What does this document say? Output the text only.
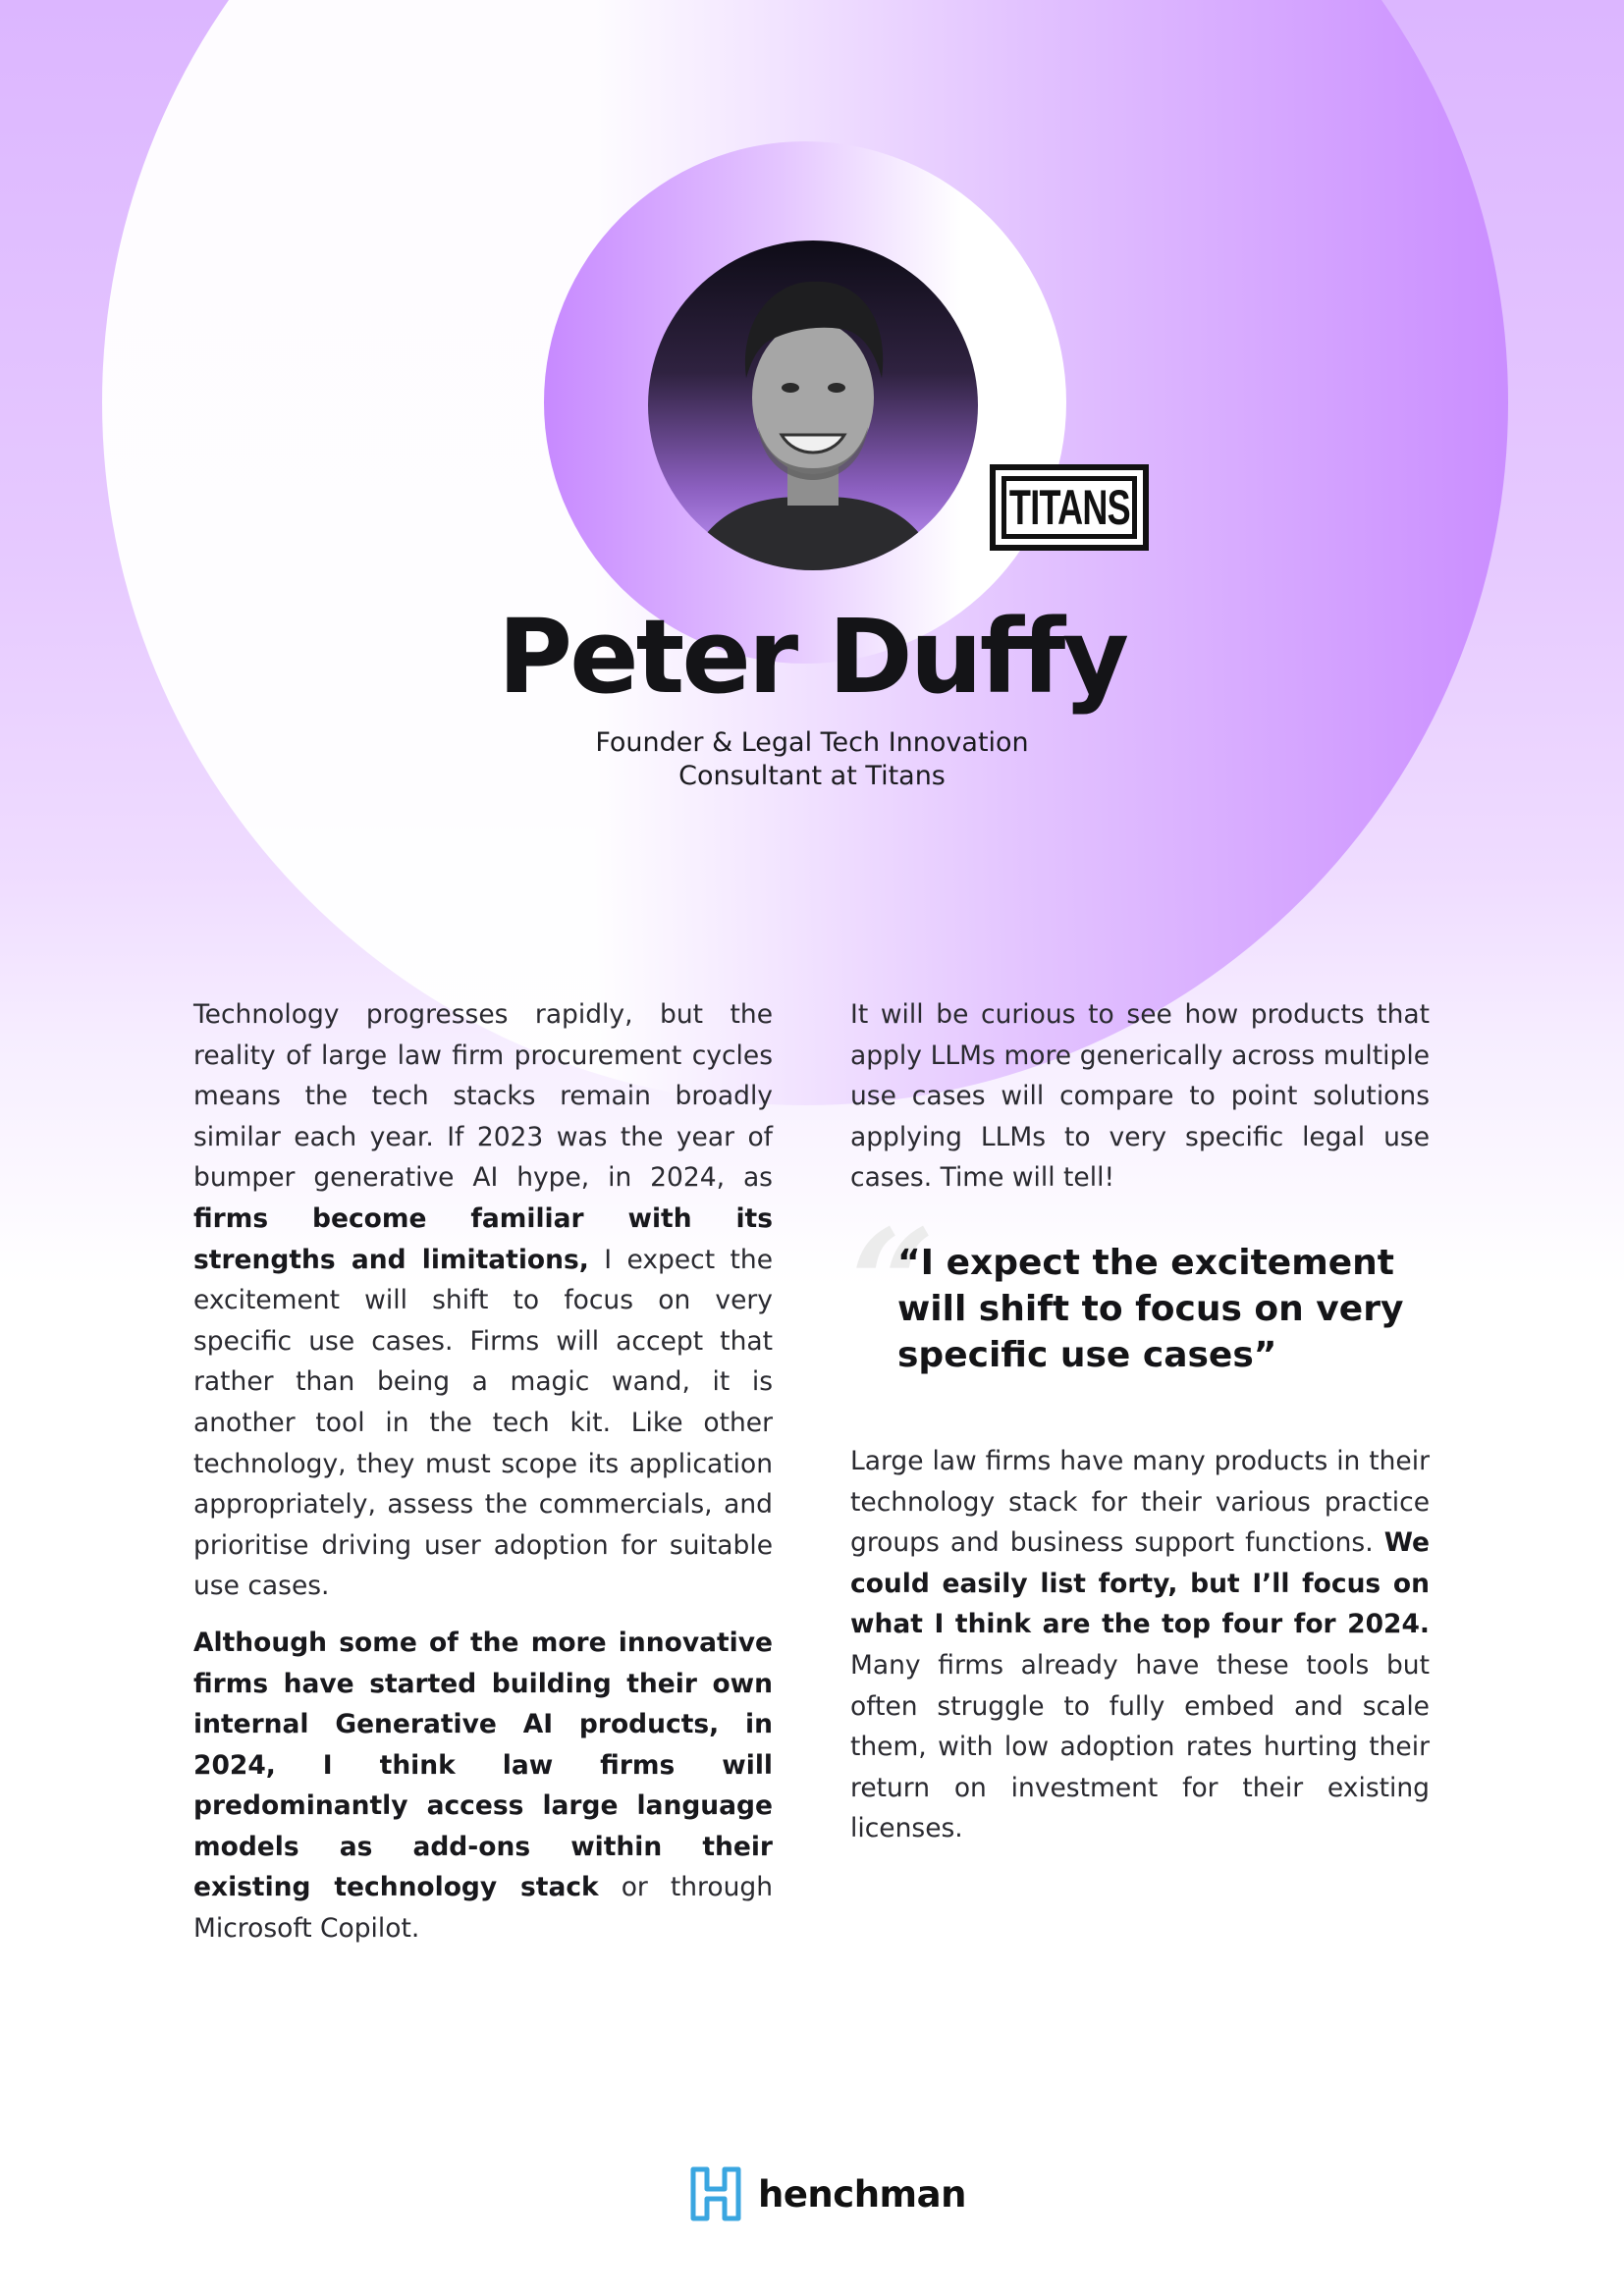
TITANS
Peter Duffy
Founder & Legal Tech Innovation
Consultant at Titans

Technology progresses rapidly, but the reality of large law firm procurement cycles means the tech stacks remain broadly similar each year. If 2023 was the year of bumper generative AI hype, in 2024, as firms become familiar with its strengths and limitations, I expect the excitement will shift to focus on very specific use cases. Firms will accept that rather than being a magic wand, it is another tool in the tech kit. Like other technology, they must scope its application appropriately, assess the commercials, and prioritise driving user adoption for suitable use cases.

Although some of the more innovative firms have started building their own internal Generative AI products, in 2024, I think law firms will predominantly access large language models as add-ons within their existing technology stack or through Microsoft Copilot.

It will be curious to see how products that apply LLMs more generically across multiple use cases will compare to point solutions applying LLMs to very specific legal use cases. Time will tell!

“
“I expect the excitement will shift to focus on very specific use cases”

Large law firms have many products in their technology stack for their various practice groups and business support functions. We could easily list forty, but I’ll focus on what I think are the top four for 2024. Many firms already have these tools but often struggle to fully embed and scale them, with low adoption rates hurting their return on investment for their existing licenses.

henchman
